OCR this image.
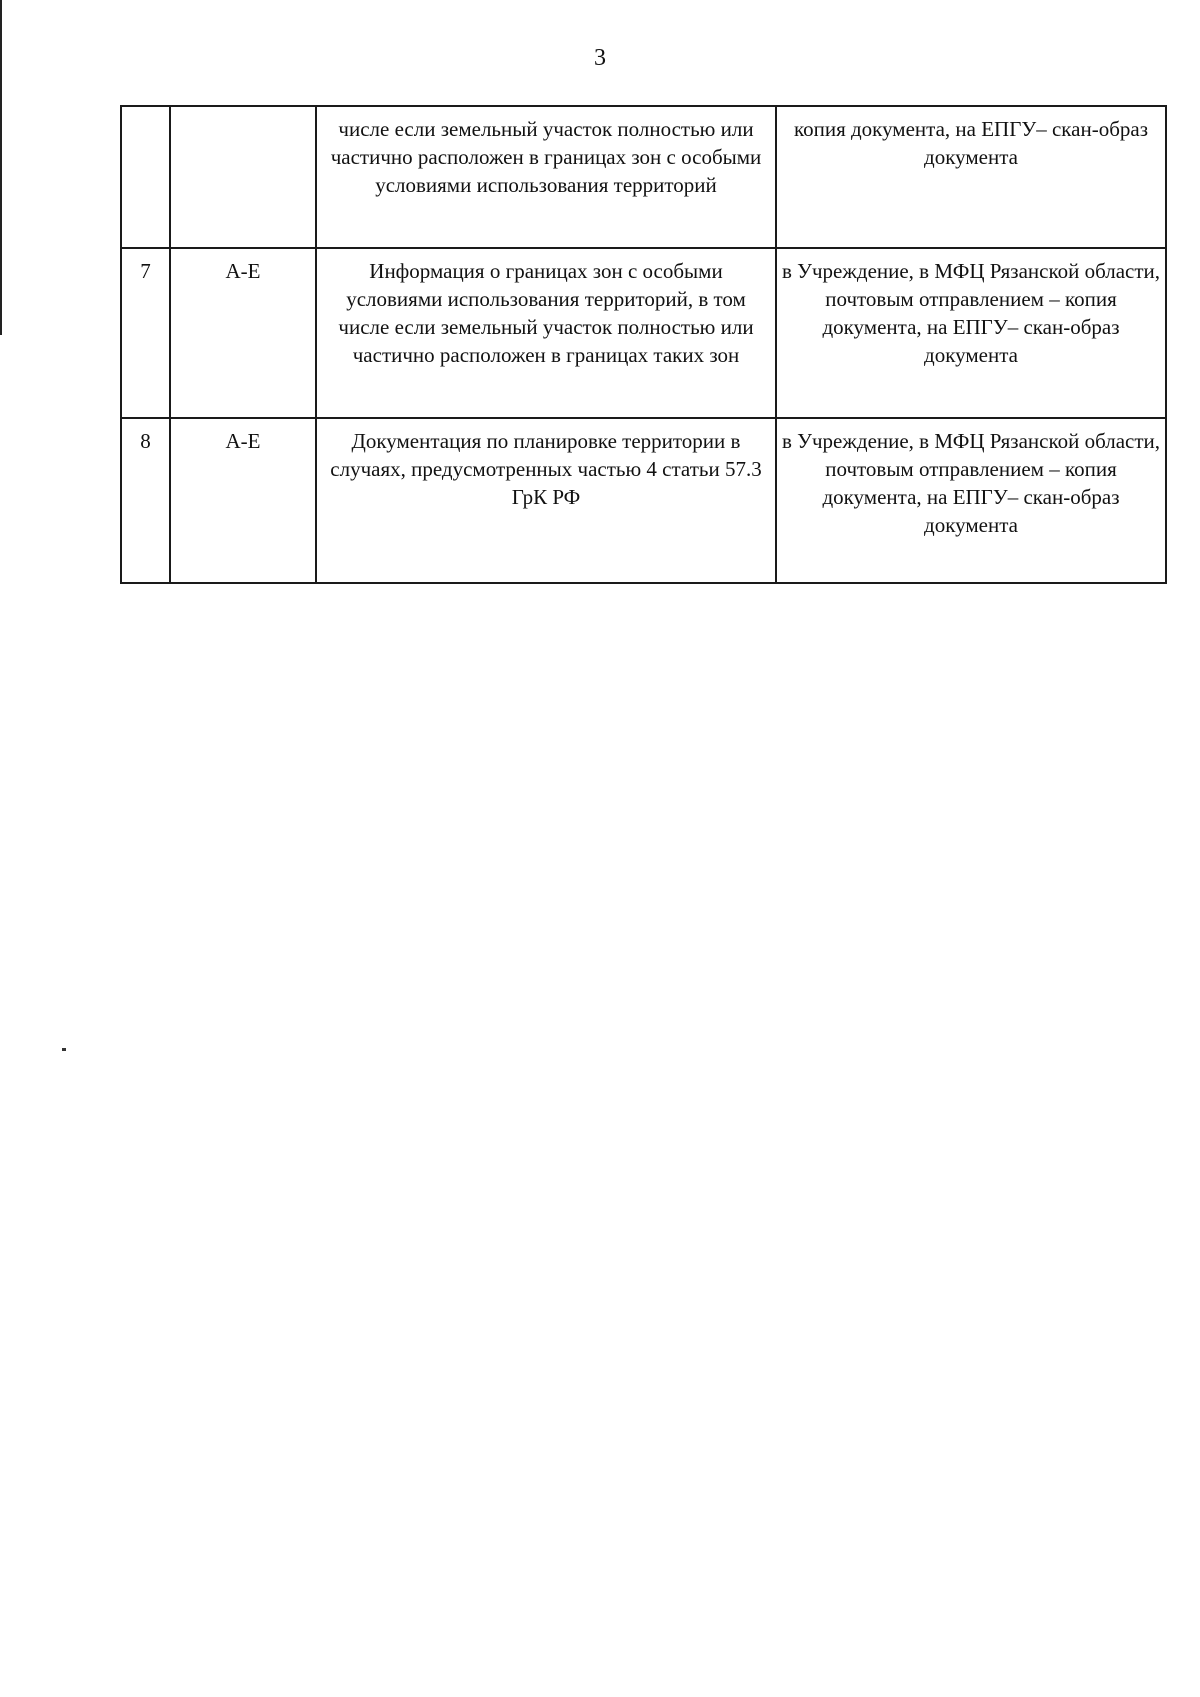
3
		числе если земельный участок полностью или частично расположен в границах зон с особыми условиями использования территорий	копия документа, на ЕПГУ– скан-образ документа
7	А-Е	Информация о границах зон с особыми условиями использования территорий, в том числе если земельный участок полностью или частично расположен в границах таких зон	в Учреждение, в МФЦ Рязанской области, почтовым отправлением – копия документа, на ЕПГУ– скан-образ документа
8	А-Е	Документация по планировке территории в случаях, предусмотренных частью 4 статьи 57.3 ГрК РФ	в Учреждение, в МФЦ Рязанской области, почтовым отправлением – копия документа, на ЕПГУ– скан-образ документа
